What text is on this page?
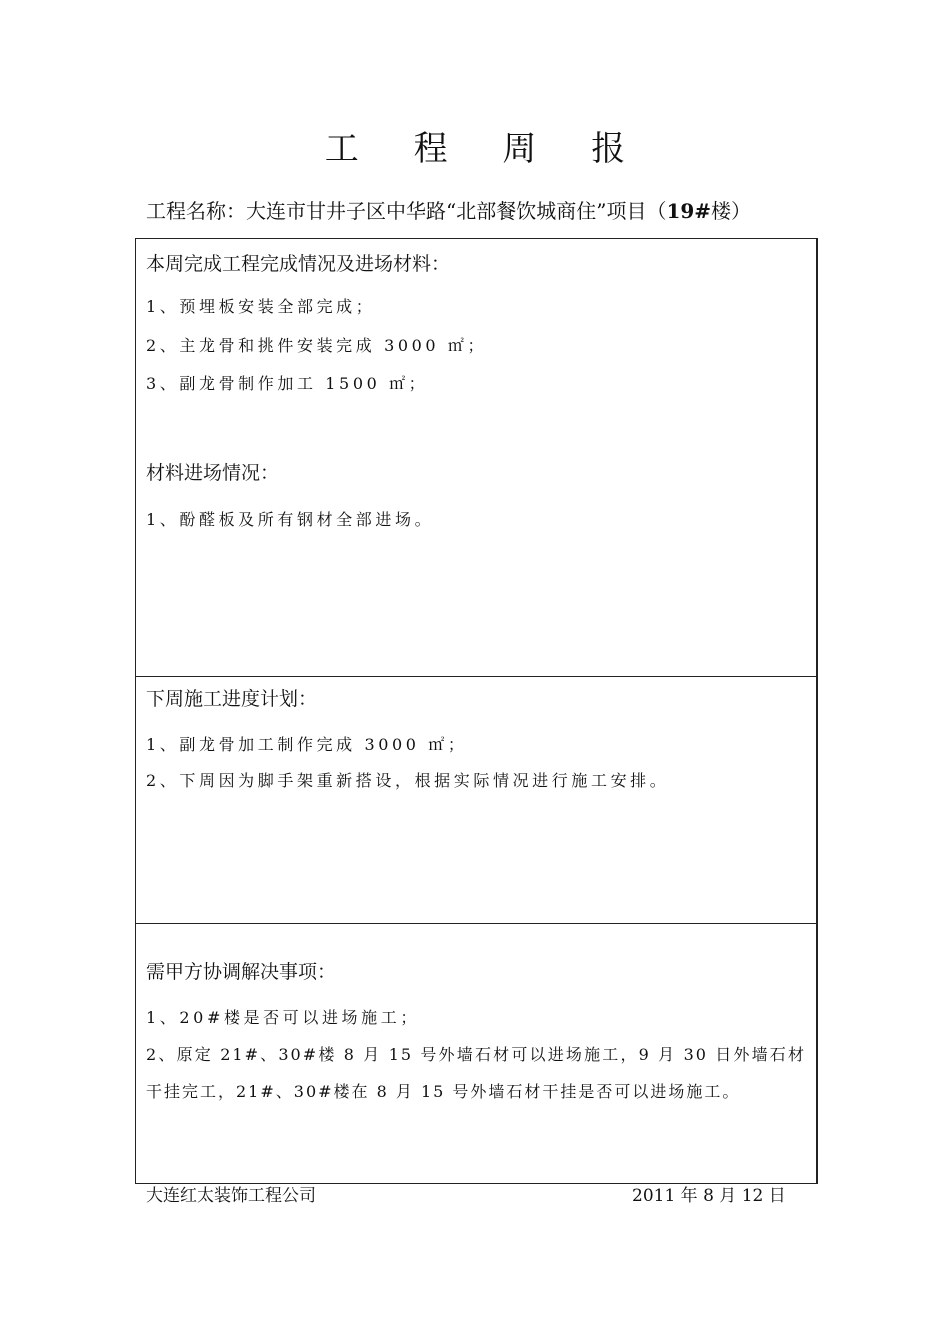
工 程 周 报
工程名称：大连市甘井子区中华路“北部餐饮城商住”项目（19#楼）
本周完成工程完成情况及进场材料：
1、预埋板安装全部完成；
2、主龙骨和挑件安装完成 3000 ㎡；
3、副龙骨制作加工 1500 ㎡；
材料进场情况：
1、酚醛板及所有钢材全部进场。
下周施工进度计划：
1、副龙骨加工制作完成 3000 ㎡；
2、下周因为脚手架重新搭设，根据实际情况进行施工安排。
需甲方协调解决事项：
1、20#楼是否可以进场施工；
2、原定 21#、30#楼 8 月 15 号外墙石材可以进场施工，9 月 30 日外墙石材干挂完工，21#、30#楼在 8 月 15 号外墙石材干挂是否可以进场施工。
大连红太装饰工程公司	2011 年 8 月 12 日
